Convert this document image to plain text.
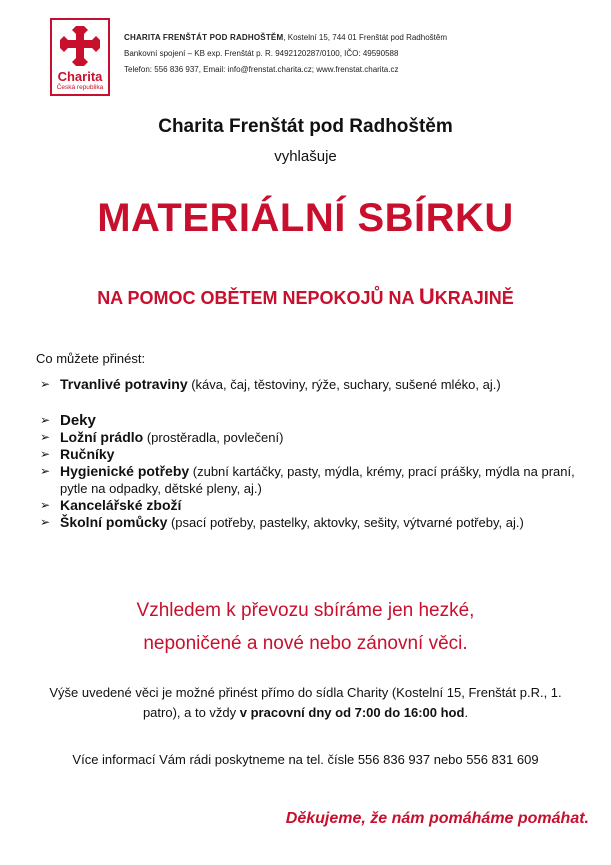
Charita
Česká republika
CHARITA FRENŠTÁT POD RADHOŠTĚM, Kostelní 15, 744 01 Frenštát pod Radhoštěm
Bankovní spojení – KB exp. Frenštát p. R. 9492120287/0100, IČO: 49590588
Telefon: 556 836 937, Email: info@frenstat.charita.cz; www.frenstat.charita.cz
Charita Frenštát pod Radhoštěm
vyhlašuje
MATERIÁLNÍ SBÍRKU
NA POMOC OBĚTEM NEPOKOJŮ NA UKRAJINĚ
Co můžete přinést:
➢ Trvanlivé potraviny (káva, čaj, těstoviny, rýže, suchary, sušené mléko, aj.)
➢ Deky
➢ Ložní prádlo (prostěradla, povlečení)
➢ Ručníky
➢ Hygienické potřeby (zubní kartáčky, pasty, mýdla, krémy, prací prášky, mýdla na praní, pytle na odpadky, dětské pleny, aj.)
➢ Kancelářské zboží
➢ Školní pomůcky (psací potřeby, pastelky, aktovky, sešity, výtvarné potřeby, aj.)
Vzhledem k převozu sbíráme jen hezké,
neponičené a nové nebo zánovní věci.
Výše uvedené věci je možné přinést přímo do sídla Charity (Kostelní 15, Frenštát p.R., 1. patro), a to vždy v pracovní dny od 7:00 do 16:00 hod.
Více informací Vám rádi poskytneme na tel. čísle 556 836 937 nebo 556 831 609
Děkujeme, že nám pomáháme pomáhat.
